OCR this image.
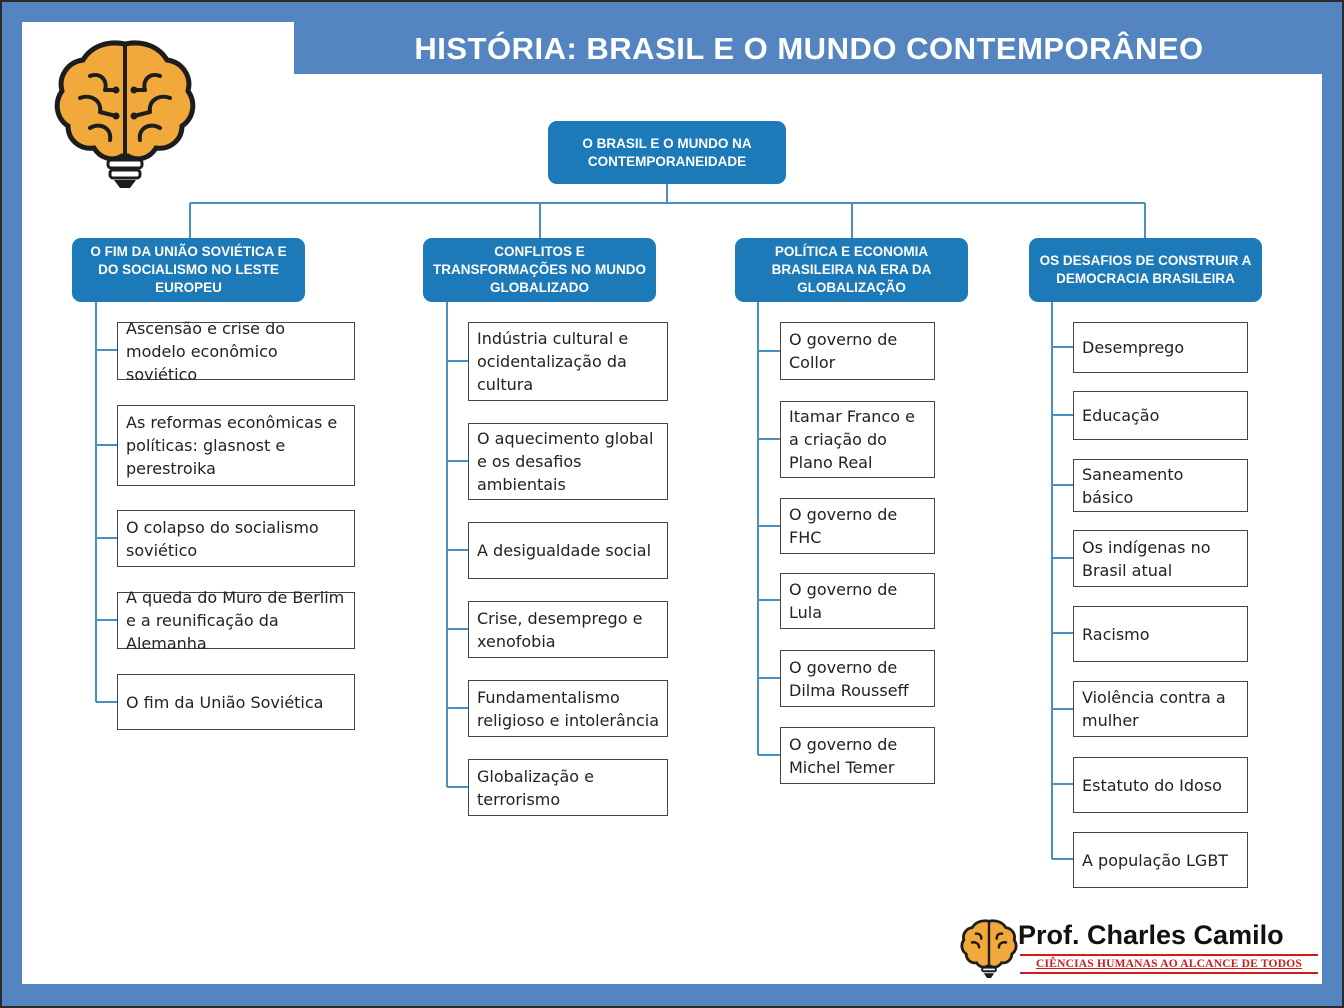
HISTÓRIA: BRASIL E O MUNDO CONTEMPORÂNEO
O BRASIL E O MUNDO NA CONTEMPORANEIDADE
O FIM DA UNIÃO SOVIÉTICA E DO SOCIALISMO NO LESTE EUROPEU
CONFLITOS E TRANSFORMAÇÕES NO MUNDO GLOBALIZADO
POLÍTICA E ECONOMIA BRASILEIRA NA ERA DA GLOBALIZAÇÃO
OS DESAFIOS DE CONSTRUIR A DEMOCRACIA BRASILEIRA
Ascensão e crise do modelo econômico soviético
As reformas econômicas e políticas: glasnost e perestroika
O colapso do socialismo soviético
A queda do Muro de Berlim e a reunificação da Alemanha
O fim da União Soviética
Indústria cultural e ocidentalização da cultura
O aquecimento global e os desafios ambientais
A desigualdade social
Crise, desemprego e xenofobia
Fundamentalismo religioso e intolerância
Globalização e terrorismo
O governo de Collor
Itamar Franco e a criação do Plano Real
O governo de FHC
O governo de Lula
O governo de Dilma Rousseff
O governo de Michel Temer
Desemprego
Educação
Saneamento básico
Os indígenas no Brasil atual
Racismo
Violência contra a mulher
Estatuto do Idoso
A população LGBT
Prof. Charles Camilo
CIÊNCIAS HUMANAS AO ALCANCE DE TODOS
